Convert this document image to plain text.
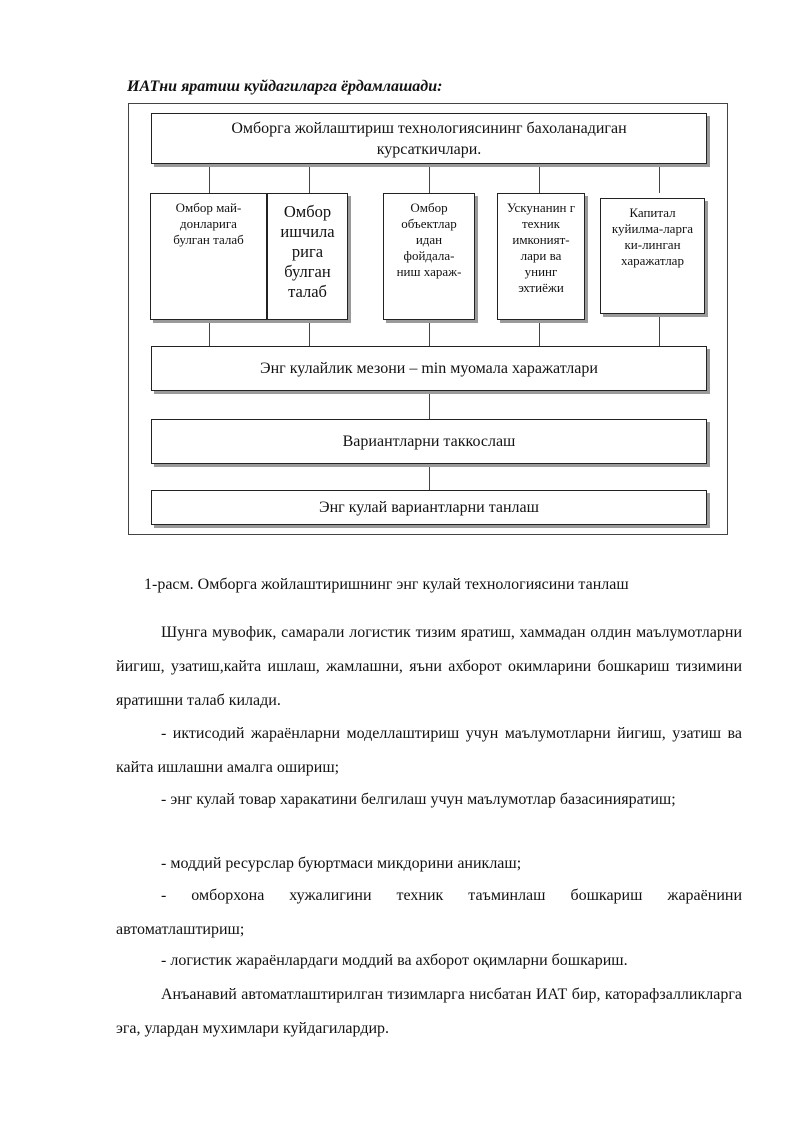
ИАТни яратиш куйдагиларга ёрдамлашади:
Омборга жойлаштириш технологиясининг бахоланадиган курсаткичлари.
Омбор май-донларига булган талаб
Омбор ишчила рига булган талаб
Омбор объектлар идан фойдала-ниш харaж-
Ускунанин г техник имконият-лари ва унинг эхтиёжи
Капитал куйилма-ларга ки-линган харажатлар
Энг кулайлик мезони – min муомала харажатлари
Вариантларни таккослаш
Энг кулай вариантларни танлаш
1-расм. Омборга жойлаштиришнинг энг кулай технологиясини танлаш

Шунга мувофик, самарали логистик тизим яратиш, хаммадан олдин маълумотларни йигиш, узатиш,кайта ишлаш, жамлашни, яъни ахборот окимларини бошкариш тизимини яратишни талаб килади.

- иктисодий жараёнларни моделлаштириш учун маълумотларни йигиш, узатиш ва кайта ишлашни амалга ошириш;

- энг кулай товар харакатини белгилаш учун маълумотлар базасинияратиш;

- моддий ресурслар буюртмаси микдорини аниклаш;

- омборхона хужалигини техник таъминлаш бошкариш жараёнини автоматлаштириш;

- логистик жараёнлардаги моддий ва ахборот оқимларни бошкариш.

Анъанавий автоматлаштирилган тизимларга нисбатан ИАТ бир, каторафзалликларга эга, улардан мухимлари куйдагилардир.
